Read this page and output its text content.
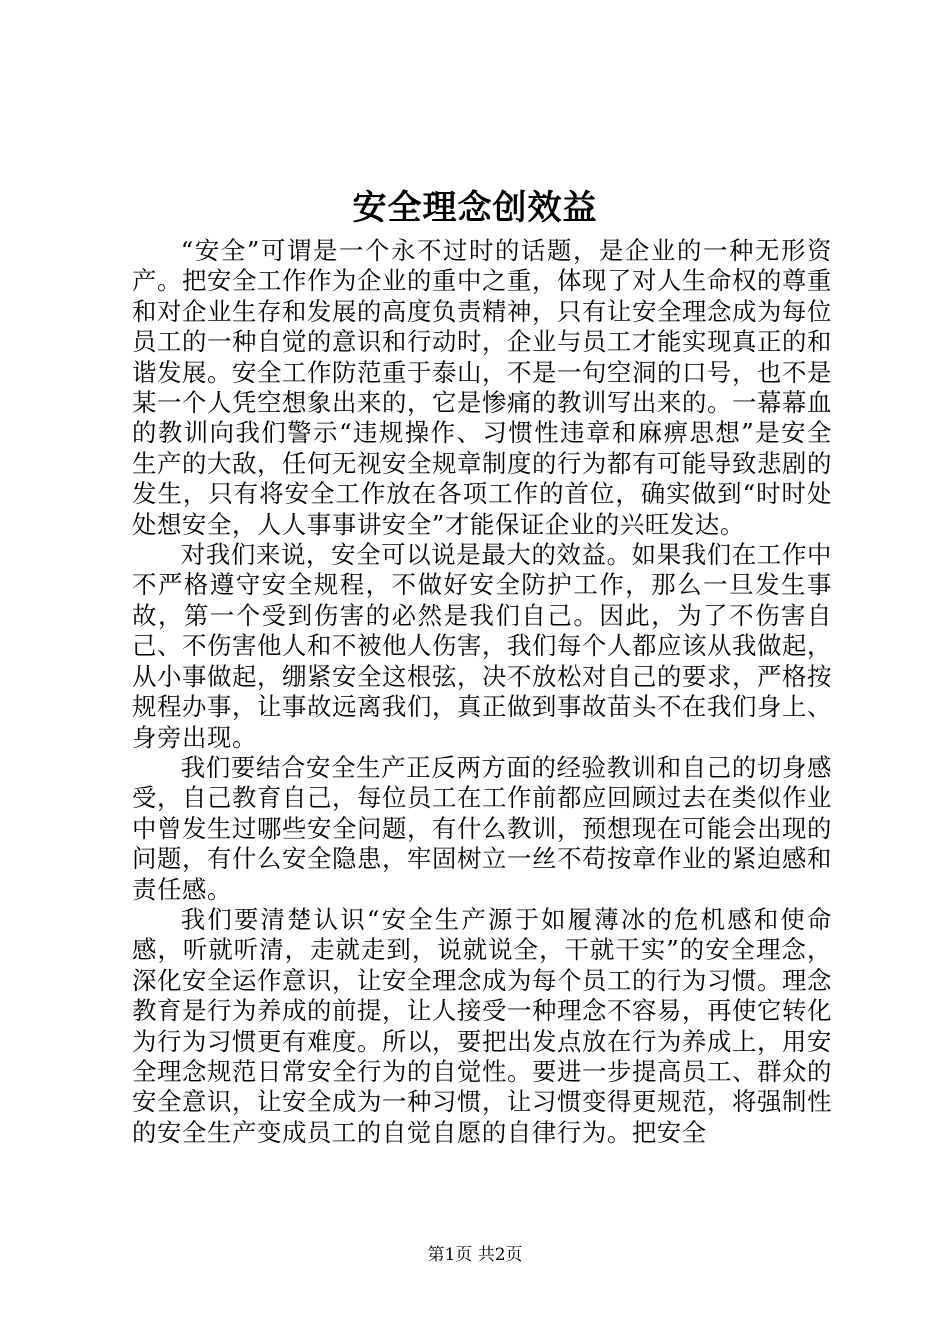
安全理念创效益

“安全”可谓是一个永不过时的话题，是企业的一种无形资产。把安全工作作为企业的重中之重，体现了对人生命权的尊重和对企业生存和发展的高度负责精神，只有让安全理念成为每位员工的一种自觉的意识和行动时，企业与员工才能实现真正的和谐发展。安全工作防范重于泰山，不是一句空洞的口号，也不是某一个人凭空想象出来的，它是惨痛的教训写出来的。一幕幕血的教训向我们警示“违规操作、习惯性违章和麻痹思想”是安全生产的大敌，任何无视安全规章制度的行为都有可能导致悲剧的发生，只有将安全工作放在各项工作的首位，确实做到“时时处处想安全，人人事事讲安全”才能保证企业的兴旺发达。

对我们来说，安全可以说是最大的效益。如果我们在工作中不严格遵守安全规程，不做好安全防护工作，那么一旦发生事故，第一个受到伤害的必然是我们自己。因此，为了不伤害自己、不伤害他人和不被他人伤害，我们每个人都应该从我做起，从小事做起，绷紧安全这根弦，决不放松对自己的要求，严格按规程办事，让事故远离我们，真正做到事故苗头不在我们身上、身旁出现。

我们要结合安全生产正反两方面的经验教训和自己的切身感受，自己教育自己，每位员工在工作前都应回顾过去在类似作业中曾发生过哪些安全问题，有什么教训，预想现在可能会出现的问题，有什么安全隐患，牢固树立一丝不苟按章作业的紧迫感和责任感。

我们要清楚认识“安全生产源于如履薄冰的危机感和使命感，听就听清，走就走到，说就说全，干就干实”的安全理念，深化安全运作意识，让安全理念成为每个员工的行为习惯。理念教育是行为养成的前提，让人接受一种理念不容易，再使它转化为行为习惯更有难度。所以，要把出发点放在行为养成上，用安全理念规范日常安全行为的自觉性。要进一步提高员工、群众的安全意识，让安全成为一种习惯，让习惯变得更规范，将强制性的安全生产变成员工的自觉自愿的自律行为。把安全

第1页 共2页
